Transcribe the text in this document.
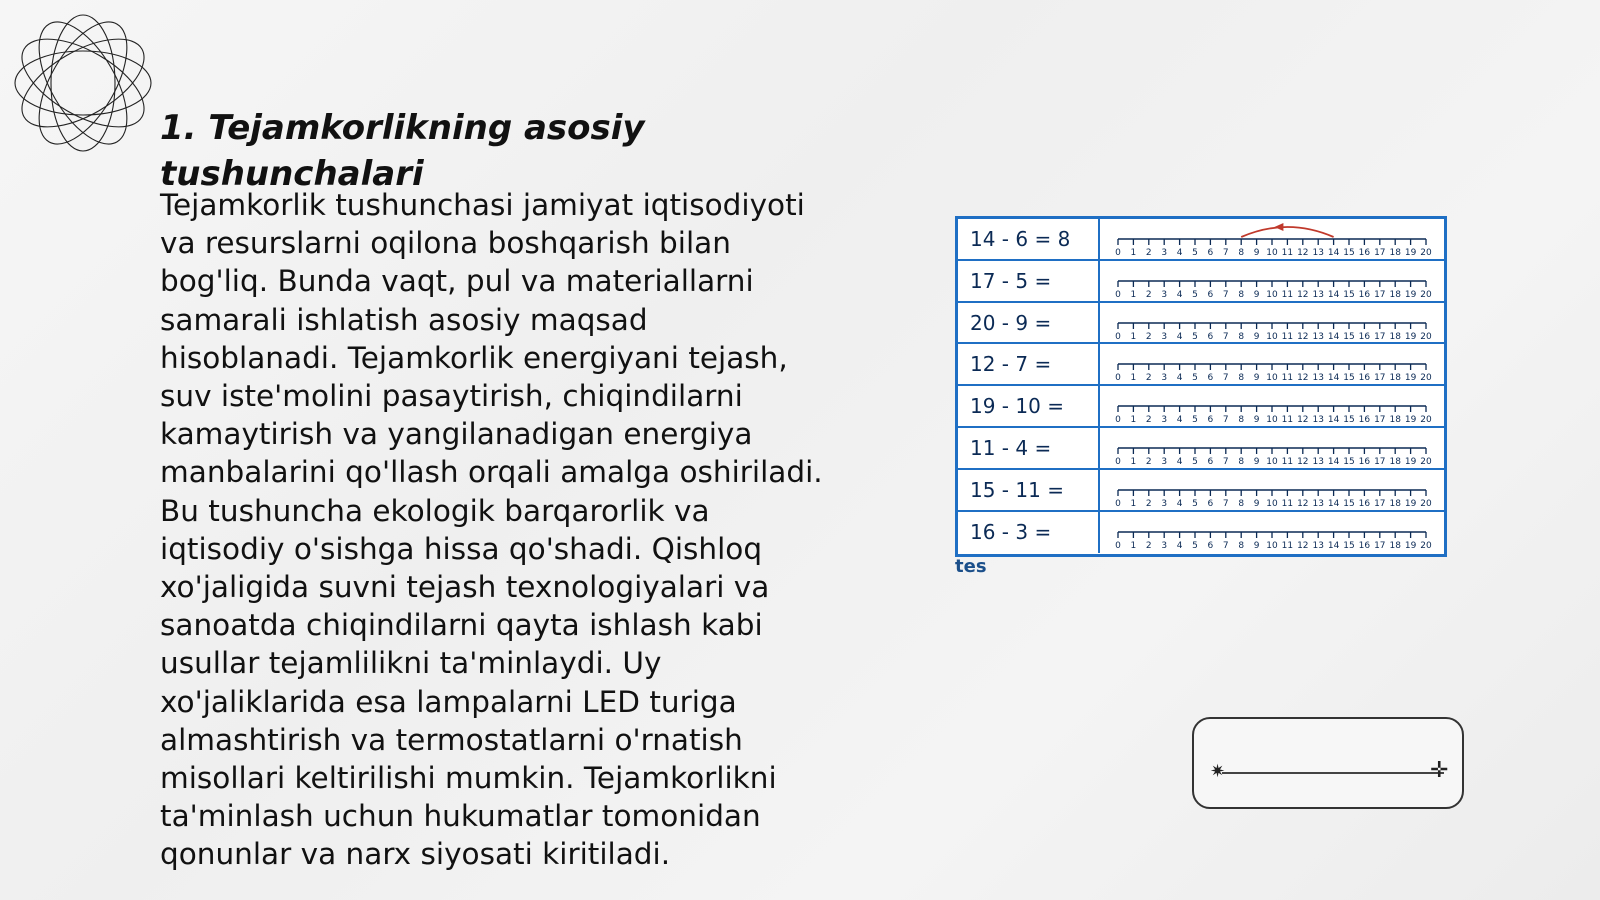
1. Tejamkorlikning asosiy tushunchalari
Tejamkorlik tushunchasi jamiyat iqtisodiyoti
va resurslarni oqilona boshqarish bilan
bog'liq. Bunda vaqt, pul va materiallarni
samarali ishlatish asosiy maqsad
hisoblanadi. Tejamkorlik energiyani tejash,
suv iste'molini pasaytirish, chiqindilarni
kamaytirish va yangilanadigan energiya
manbalarini qo'llash orqali amalga oshiriladi.
Bu tushuncha ekologik barqarorlik va
iqtisodiy o'sishga hissa qo'shadi. Qishloq
xo'jaligida suvni tejash texnologiyalari va
sanoatda chiqindilarni qayta ishlash kabi
usullar tejamlilikni ta'minlaydi. Uy
xo'jaliklarida esa lampalarni LED turiga
almashtirish va termostatlarni o'rnatish
misollari keltirilishi mumkin. Tejamkorlikni
ta'minlash uchun hukumatlar tomonidan
qonunlar va narx siyosati kiritiladi.
14 - 6 = 8
0 1 2 3 4 5 6 7 8 9 10 11 12 13 14 15 16 17 18 19 20
17 - 5 =
0 1 2 3 4 5 6 7 8 9 10 11 12 13 14 15 16 17 18 19 20
20 - 9 =
0 1 2 3 4 5 6 7 8 9 10 11 12 13 14 15 16 17 18 19 20
12 - 7 =
0 1 2 3 4 5 6 7 8 9 10 11 12 13 14 15 16 17 18 19 20
19 - 10 =
0 1 2 3 4 5 6 7 8 9 10 11 12 13 14 15 16 17 18 19 20
11 - 4 =
0 1 2 3 4 5 6 7 8 9 10 11 12 13 14 15 16 17 18 19 20
15 - 11 =
0 1 2 3 4 5 6 7 8 9 10 11 12 13 14 15 16 17 18 19 20
16 - 3 =
0 1 2 3 4 5 6 7 8 9 10 11 12 13 14 15 16 17 18 19 20
tes
✷	✛
